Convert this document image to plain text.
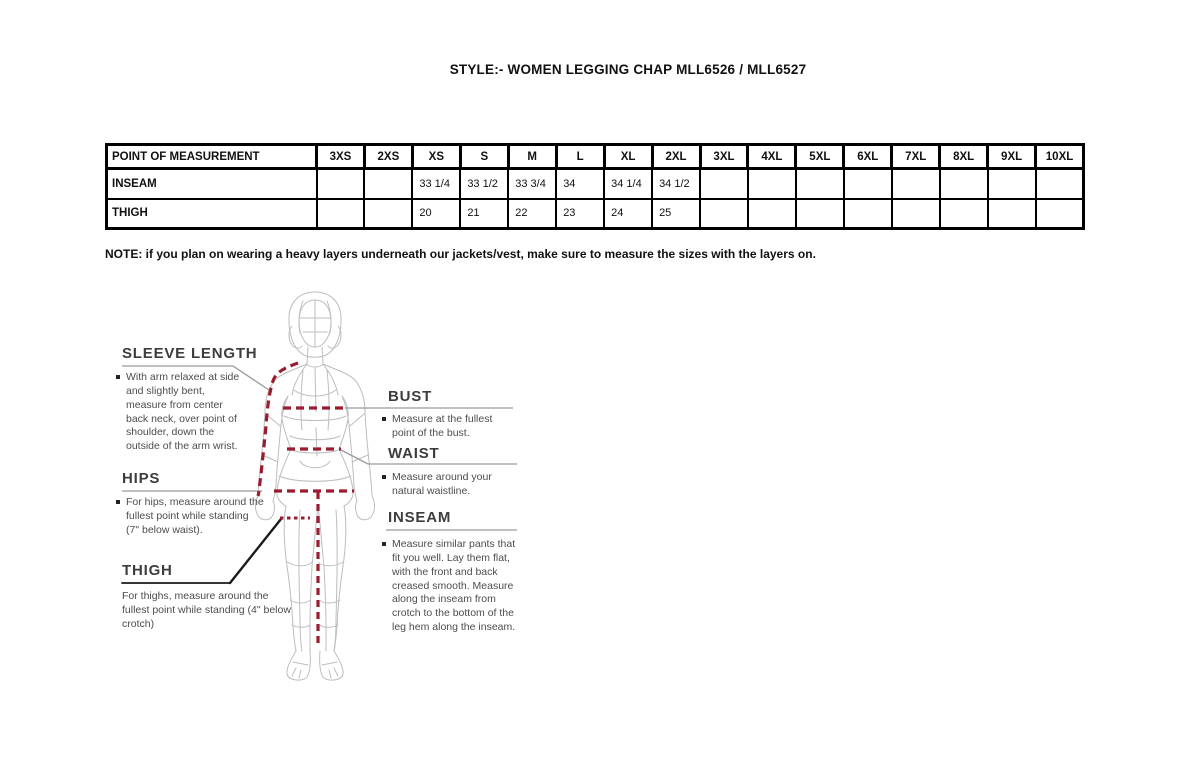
STYLE:- WOMEN LEGGING CHAP MLL6526 / MLL6527
POINT OF MEASUREMENT	3XS	2XS	XS	S	M	L	XL	2XL	3XL	4XL	5XL	6XL	7XL	8XL	9XL	10XL
INSEAM			33 1/4	33 1/2	33 3/4	34	34 1/4	34 1/2								
THIGH			20	21	22	23	24	25								
NOTE: if you plan on wearing a heavy layers underneath our jackets/vest, make sure to measure the sizes with the layers on.
SLEEVE LENGTH
With arm relaxed at side and slightly bent, measure from center back neck, over point of shoulder, down the outside of the arm wrist.
HIPS
For hips, measure around the fullest point while standing (7" below waist).
THIGH
For thighs, measure around the fullest point while standing (4" below crotch)
BUST
Measure at the fullest point of the bust.
WAIST
Measure around your natural waistline.
INSEAM
Measure similar pants that fit you well. Lay them flat, with the front and back creased smooth. Measure along the inseam from crotch to the bottom of the leg hem along the inseam.
